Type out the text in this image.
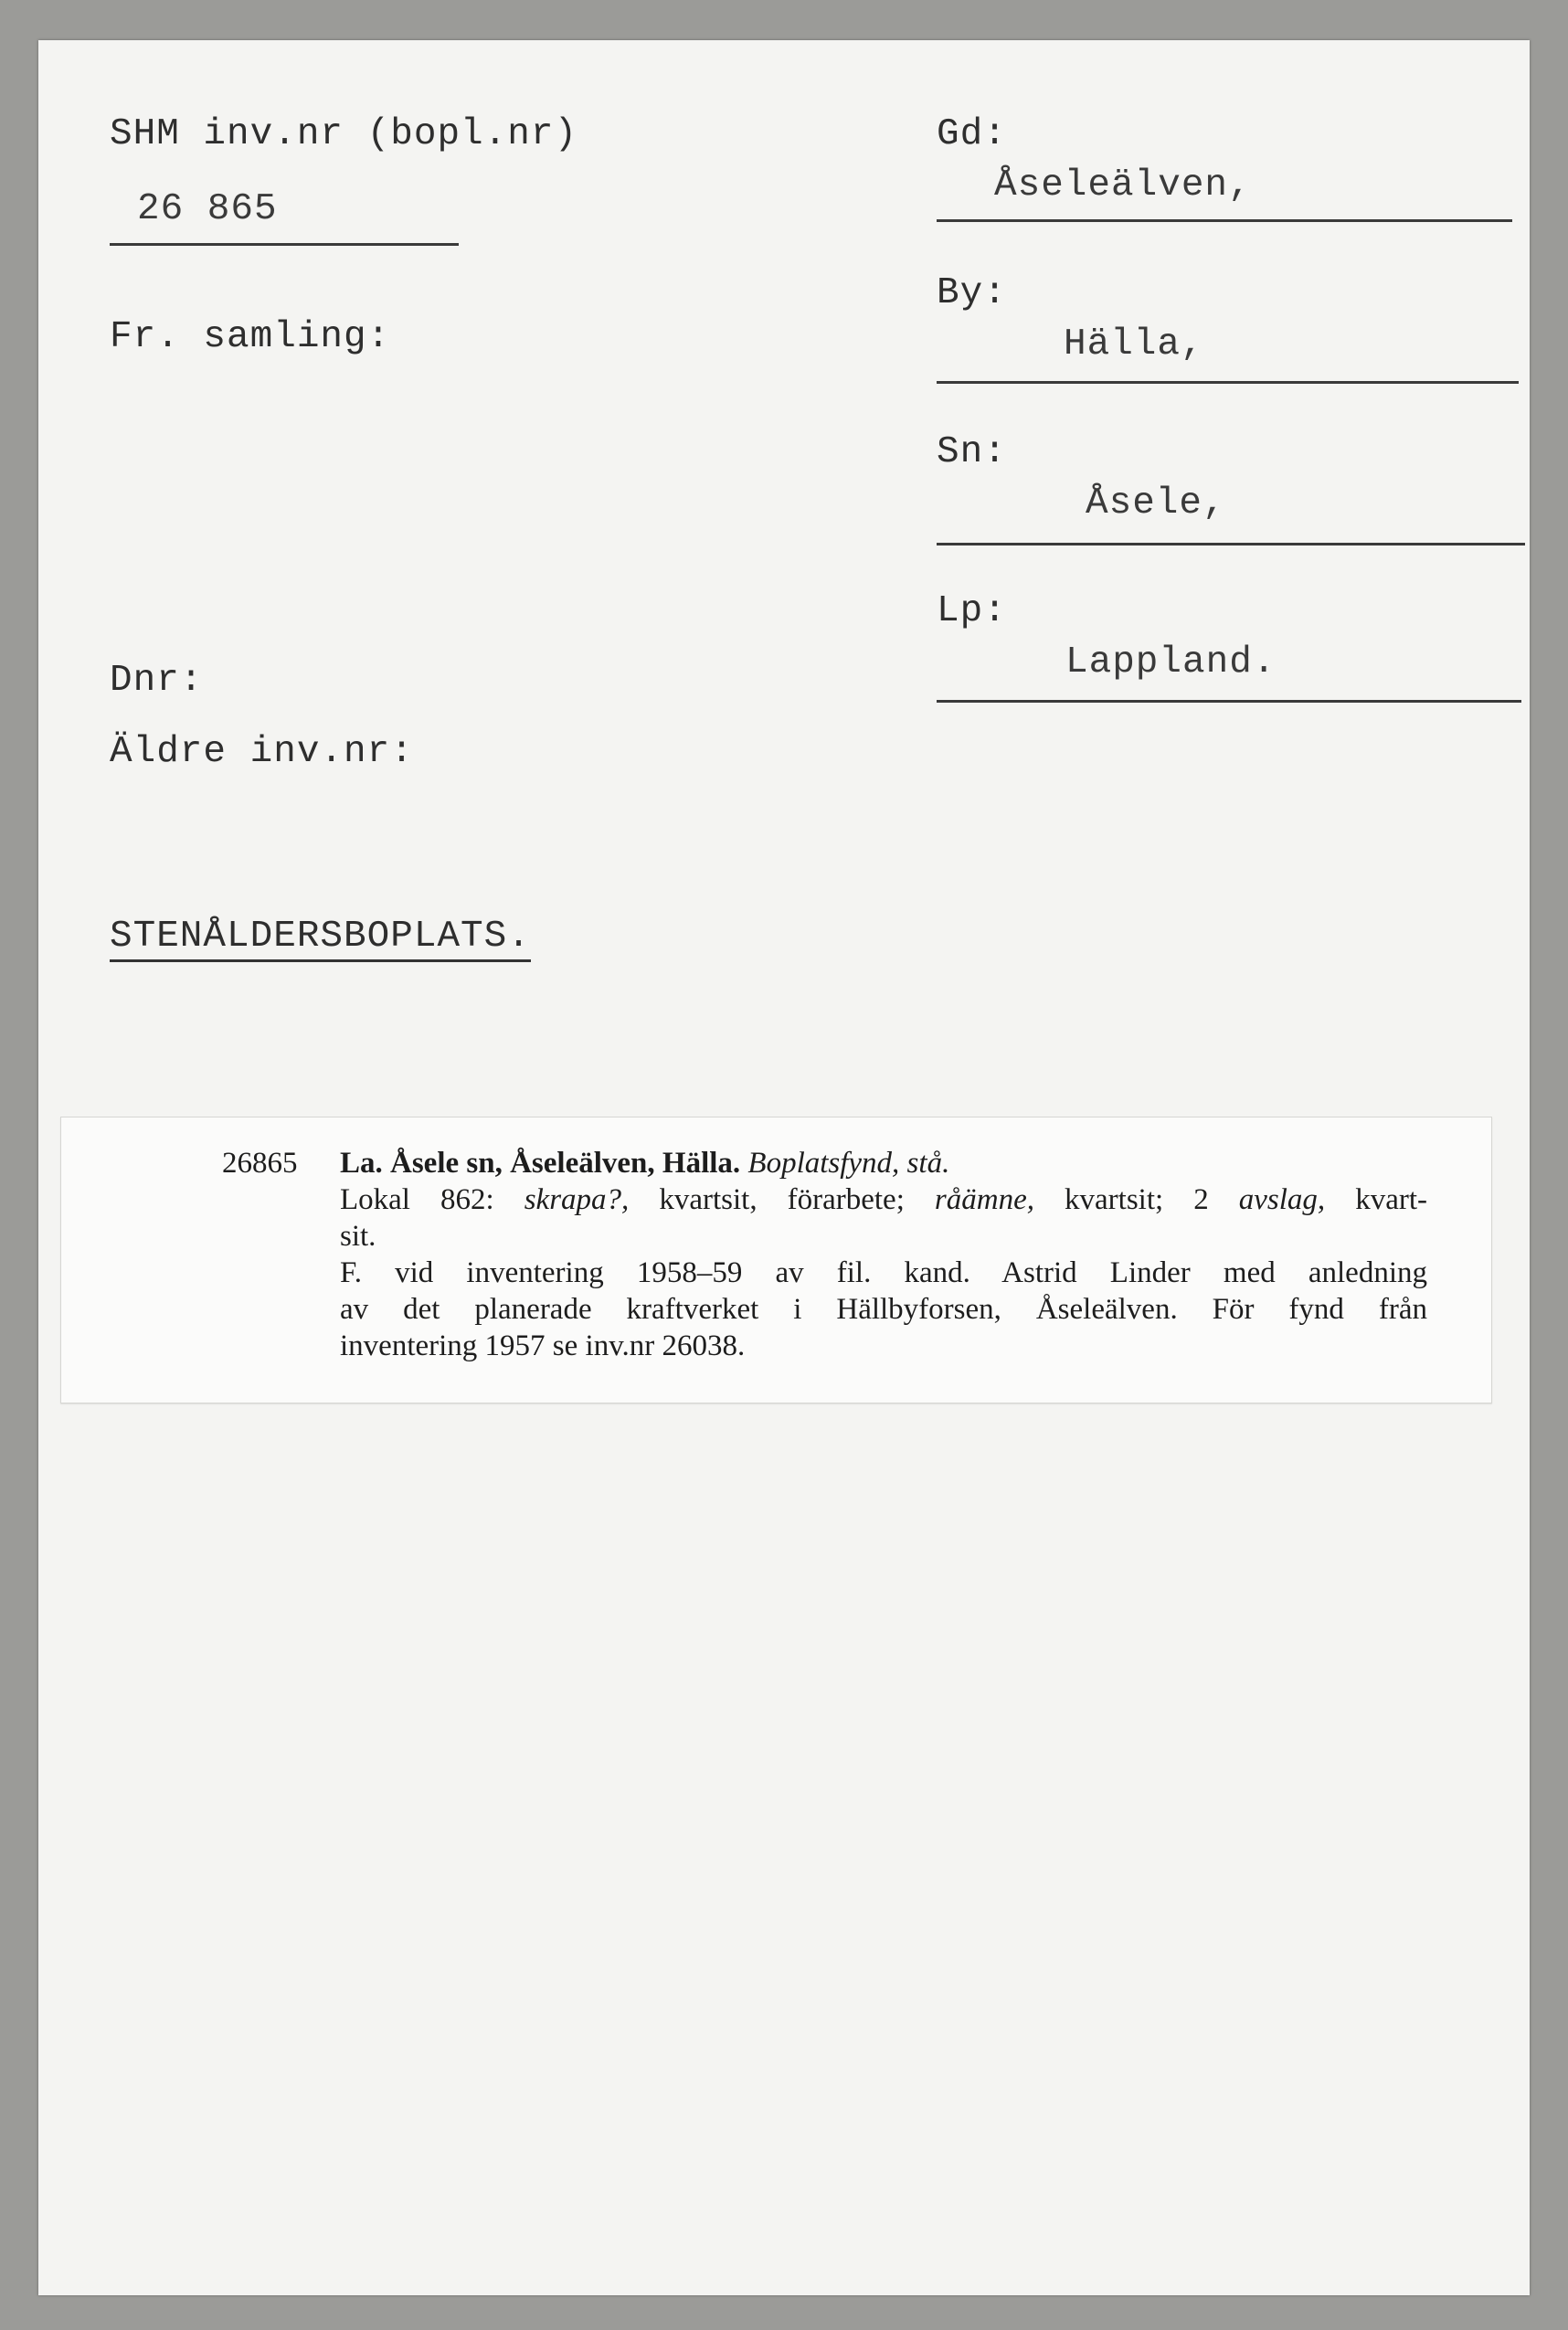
SHM inv.nr (bopl.nr)
26 865
Fr. samling:
Dnr:
Äldre inv.nr:
STENÅLDERSBOPLATS.
Gd:
Åseleälven,
By:
Hälla,
Sn:
Åsele,
Lp:
Lappland.
26865 La. Åsele sn, Åseleälven, Hälla. Boplatsfynd, stå.
Lokal 862: skrapa?, kvartsit, förarbete; råämne, kvartsit; 2 avslag, kvart-
sit.
F. vid inventering 1958–59 av fil. kand. Astrid Linder med anledning
av det planerade kraftverket i Hällbyforsen, Åseleälven. För fynd från
inventering 1957 se inv.nr 26038.
